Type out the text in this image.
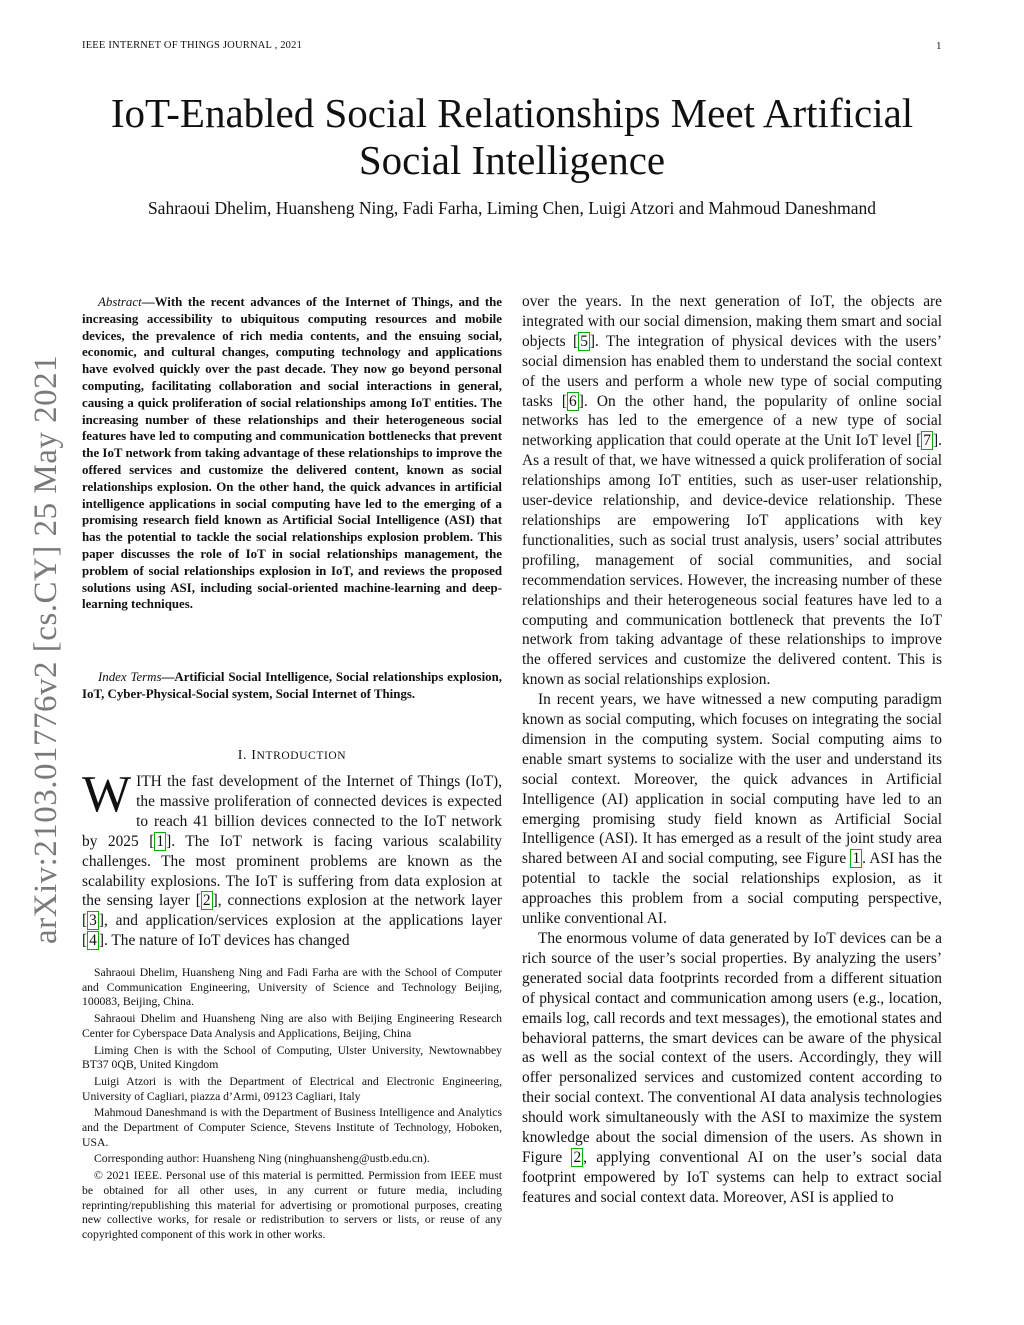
IEEE INTERNET OF THINGS JOURNAL , 2021	1
IoT-Enabled Social Relationships Meet Artificial Social Intelligence
Sahraoui Dhelim, Huansheng Ning, Fadi Farha, Liming Chen, Luigi Atzori and Mahmoud Daneshmand
arXiv:2103.01776v2 [cs.CY] 25 May 2021
Abstract—With the recent advances of the Internet of Things, and the increasing accessibility to ubiquitous computing resources and mobile devices, the prevalence of rich media contents, and the ensuing social, economic, and cultural changes, computing technology and applications have evolved quickly over the past decade. They now go beyond personal computing, facilitating collaboration and social interactions in general, causing a quick proliferation of social relationships among IoT entities. The increasing number of these relationships and their heterogeneous social features have led to computing and communication bottlenecks that prevent the IoT network from taking advantage of these relationships to improve the offered services and customize the delivered content, known as social relationships explosion. On the other hand, the quick advances in artificial intelligence applications in social computing have led to the emerging of a promising research field known as Artificial Social Intelligence (ASI) that has the potential to tackle the social relationships explosion problem. This paper discusses the role of IoT in social relationships management, the problem of social relationships explosion in IoT, and reviews the proposed solutions using ASI, including social-oriented machine-learning and deep-learning techniques.
Index Terms—Artificial Social Intelligence, Social relationships explosion, IoT, Cyber-Physical-Social system, Social Internet of Things.
I. INTRODUCTION
WITH the fast development of the Internet of Things (IoT), the massive proliferation of connected devices is expected to reach 41 billion devices connected to the IoT network by 2025 [ 1 ]. The IoT network is facing various scalability challenges. The most prominent problems are known as the scalability explosions. The IoT is suffering from data explosion at the sensing layer [ 2 ], connections explosion at the network layer [ 3 ], and application/services explosion at the applications layer [ 4 ]. The nature of IoT devices has changed

Sahraoui Dhelim, Huansheng Ning and Fadi Farha are with the School of Computer and Communication Engineering, University of Science and Technology Beijing, 100083, Beijing, China.

Sahraoui Dhelim and Huansheng Ning are also with Beijing Engineering Research Center for Cyberspace Data Analysis and Applications, Beijing, China

Liming Chen is with the School of Computing, Ulster University, Newtownabbey BT37 0QB, United Kingdom

Luigi Atzori is with the Department of Electrical and Electronic Engineering, University of Cagliari, piazza d’Armi, 09123 Cagliari, Italy

Mahmoud Daneshmand is with the Department of Business Intelligence and Analytics and the Department of Computer Science, Stevens Institute of Technology, Hoboken, USA.

Corresponding author: Huansheng Ning (ninghuansheng@ustb.edu.cn).

© 2021 IEEE. Personal use of this material is permitted. Permission from IEEE must be obtained for all other uses, in any current or future media, including reprinting/republishing this material for advertising or promotional purposes, creating new collective works, for resale or redistribution to servers or lists, or reuse of any copyrighted component of this work in other works.

over the years. In the next generation of IoT, the objects are integrated with our social dimension, making them smart and social objects [ 5 ]. The integration of physical devices with the users’ social dimension has enabled them to understand the social context of the users and perform a whole new type of social computing tasks [ 6 ]. On the other hand, the popularity of online social networks has led to the emergence of a new type of social networking application that could operate at the Unit IoT level [ 7 ]. As a result of that, we have witnessed a quick proliferation of social relationships among IoT entities, such as user-user relationship, user-device relationship, and device-device relationship. These relationships are empowering IoT applications with key functionalities, such as social trust analysis, users’ social attributes profiling, management of social communities, and social recommendation services. However, the increasing number of these relationships and their heterogeneous social features have led to a computing and communication bottleneck that prevents the IoT network from taking advantage of these relationships to improve the offered services and customize the delivered content. This is known as social relationships explosion.

In recent years, we have witnessed a new computing paradigm known as social computing, which focuses on integrating the social dimension in the computing system. Social computing aims to enable smart systems to socialize with the user and understand its social context. Moreover, the quick advances in Artificial Intelligence (AI) application in social computing have led to an emerging promising study field known as Artificial Social Intelligence (ASI). It has emerged as a result of the joint study area shared between AI and social computing, see Figure 1 . ASI has the potential to tackle the social relationships explosion, as it approaches this problem from a social computing perspective, unlike conventional AI.

The enormous volume of data generated by IoT devices can be a rich source of the user’s social properties. By analyzing the users’ generated social data footprints recorded from a different situation of physical contact and communication among users (e.g., location, emails log, call records and text messages), the emotional states and behavioral patterns, the smart devices can be aware of the physical as well as the social context of the users. Accordingly, they will offer personalized services and customized content according to their social context. The conventional AI data analysis technologies should work simultaneously with the ASI to maximize the system knowledge about the social dimension of the users. As shown in Figure 2 , applying conventional AI on the user’s social data footprint empowered by IoT systems can help to extract social features and social context data. Moreover, ASI is applied to
